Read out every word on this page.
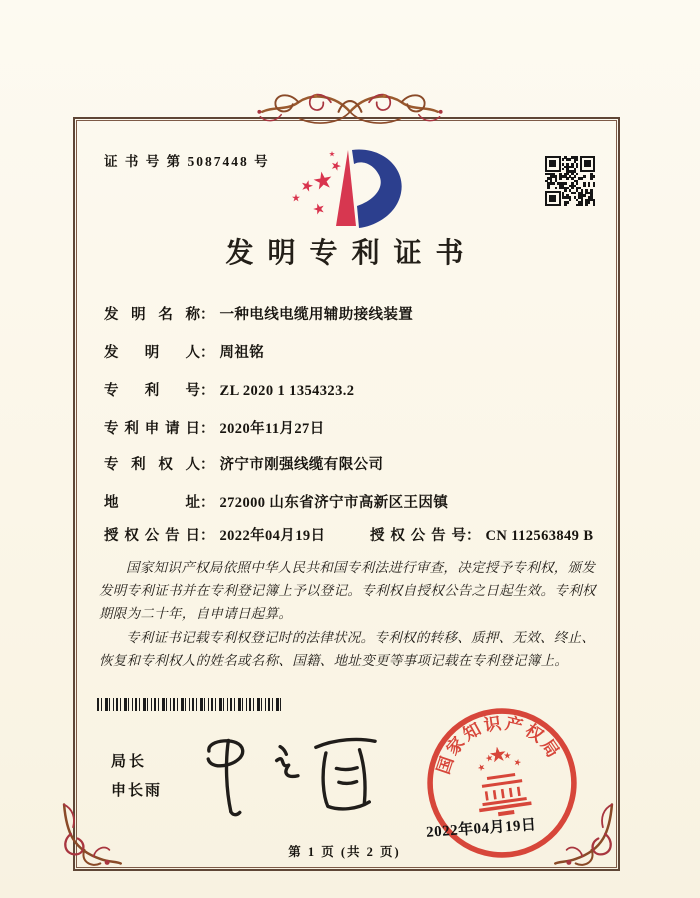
证 书 号 第 5087448 号
发明专利证书
发明名称： 一种电线电缆用辅助接线装置
发明人： 周祖铭
专利号： ZL 2020 1 1354323.2
专利申请日： 2020年11月27日
专利权人： 济宁市刚强线缆有限公司
地址： 272000 山东省济宁市高新区王因镇
授权公告日： 2022年04月19日	授权公告号： CN 112563849 B

国家知识产权局依照中华人民共和国专利法进行审查，决定授予专利权，颁发发明专利证书并在专利登记簿上予以登记。专利权自授权公告之日起生效。专利权期限为二十年，自申请日起算。

专利证书记载专利权登记时的法律状况。专利权的转移、质押、无效、终止、恢复和专利权人的姓名或名称、国籍、地址变更等事项记载在专利登记簿上。

局长
申长雨
国家知识产权局
2022年04月19日
第 1 页 (共 2 页)
